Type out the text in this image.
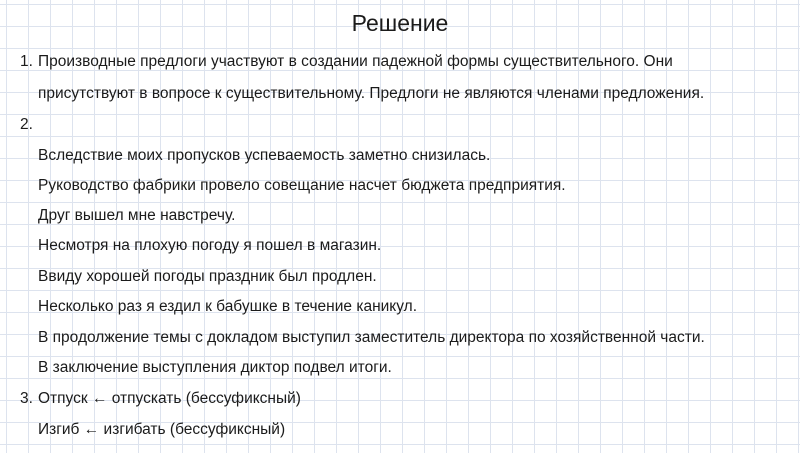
Решение
1. Производные предлоги участвуют в создании падежной формы существительного. Они
присутствуют в вопросе к существительному. Предлоги не являются членами предложения.
2.
Вследствие моих пропусков успеваемость заметно снизилась.
Руководство фабрики провело совещание насчет бюджета предприятия.
Друг вышел мне навстречу.
Несмотря на плохую погоду я пошел в магазин.
Ввиду хорошей погоды праздник был продлен.
Несколько раз я ездил к бабушке в течение каникул.
В продолжение темы с докладом выступил заместитель директора по хозяйственной части.
В заключение выступления диктор подвел итоги.
3. Отпуск ← отпускать (бессуфиксный)
Изгиб ← изгибать (бессуфиксный)
